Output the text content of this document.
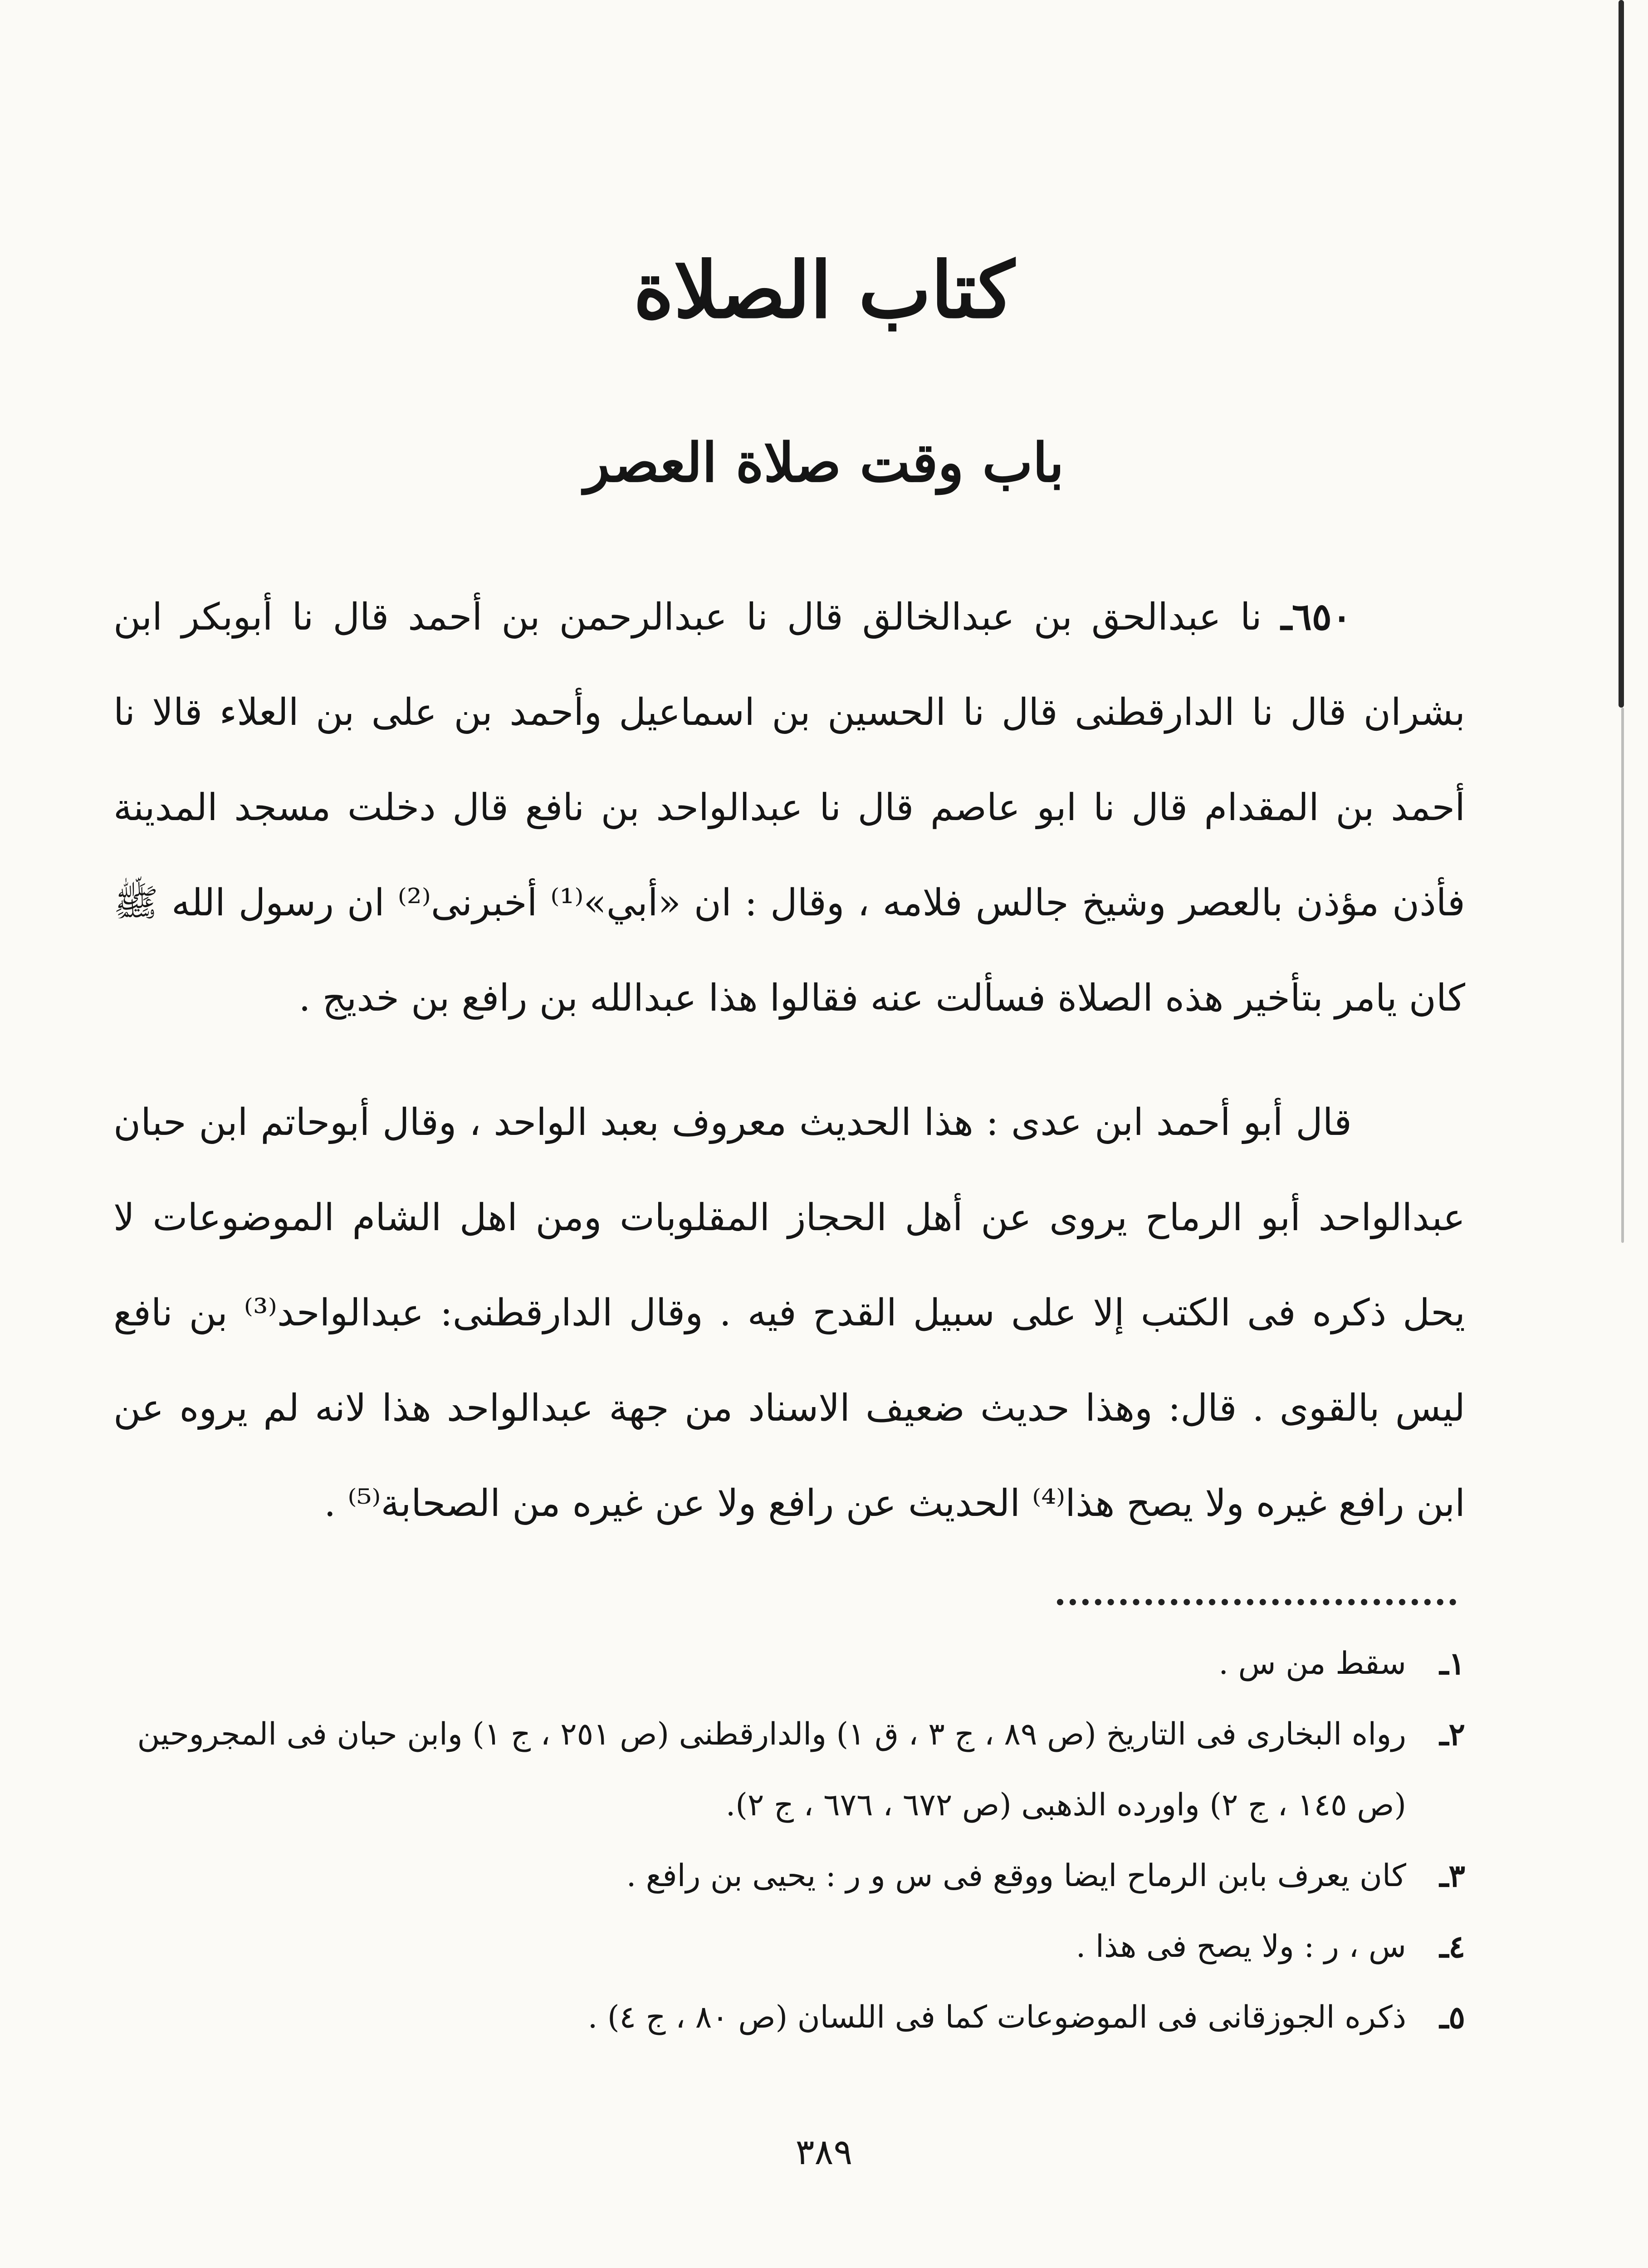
كتاب الصلاة
باب وقت صلاة العصر

٦٥٠ـ نا عبدالحق بن عبدالخالق قال نا عبدالرحمن بن أحمد قال نا أبوبكر ابن بشران قال نا الدارقطنى قال نا الحسين بن اسماعيل وأحمد بن على بن العلاء قالا نا أحمد بن المقدام قال نا ابو عاصم قال نا عبدالواحد بن نافع قال دخلت مسجد المدينة فأذن مؤذن بالعصر وشيخ جالس فلامه ، وقال : ان «أبي»⁽¹⁾ أخبرنى⁽²⁾ ان رسول الله ﷺ كان يامر بتأخير هذه الصلاة فسألت عنه فقالوا هذا عبدالله بن رافع بن خديج .

قال أبو أحمد ابن عدى : هذا الحديث معروف بعبد الواحد ، وقال أبوحاتم ابن حبان عبدالواحد أبو الرماح يروى عن أهل الحجاز المقلوبات ومن اهل الشام الموضوعات لا يحل ذكره فى الكتب إلا على سبيل القدح فيه . وقال الدارقطنى: عبدالواحد⁽³⁾ بن نافع ليس بالقوى . قال: وهذا حديث ضعيف الاسناد من جهة عبدالواحد هذا لانه لم يروه عن ابن رافع غيره ولا يصح هذا⁽⁴⁾ الحديث عن رافع ولا عن غيره من الصحابة⁽⁵⁾ .

١ـ
سقط من س .
٢ـ
رواه البخارى فى التاريخ (ص ٨٩ ، ج ٣ ، ق ١) والدارقطنى (ص ٢٥١ ، ج ١) وابن حبان فى المجروحين (ص ١٤٥ ، ج ٢) واورده الذهبى (ص ٦٧٢ ، ٦٧٦ ، ج ٢).
٣ـ
كان يعرف بابن الرماح ايضا ووقع فى س و ر : يحيى بن رافع .
٤ـ
س ، ر : ولا يصح فى هذا .
٥ـ
ذكره الجوزقانى فى الموضوعات كما فى اللسان (ص ٨٠ ، ج ٤) .
٣٨٩
